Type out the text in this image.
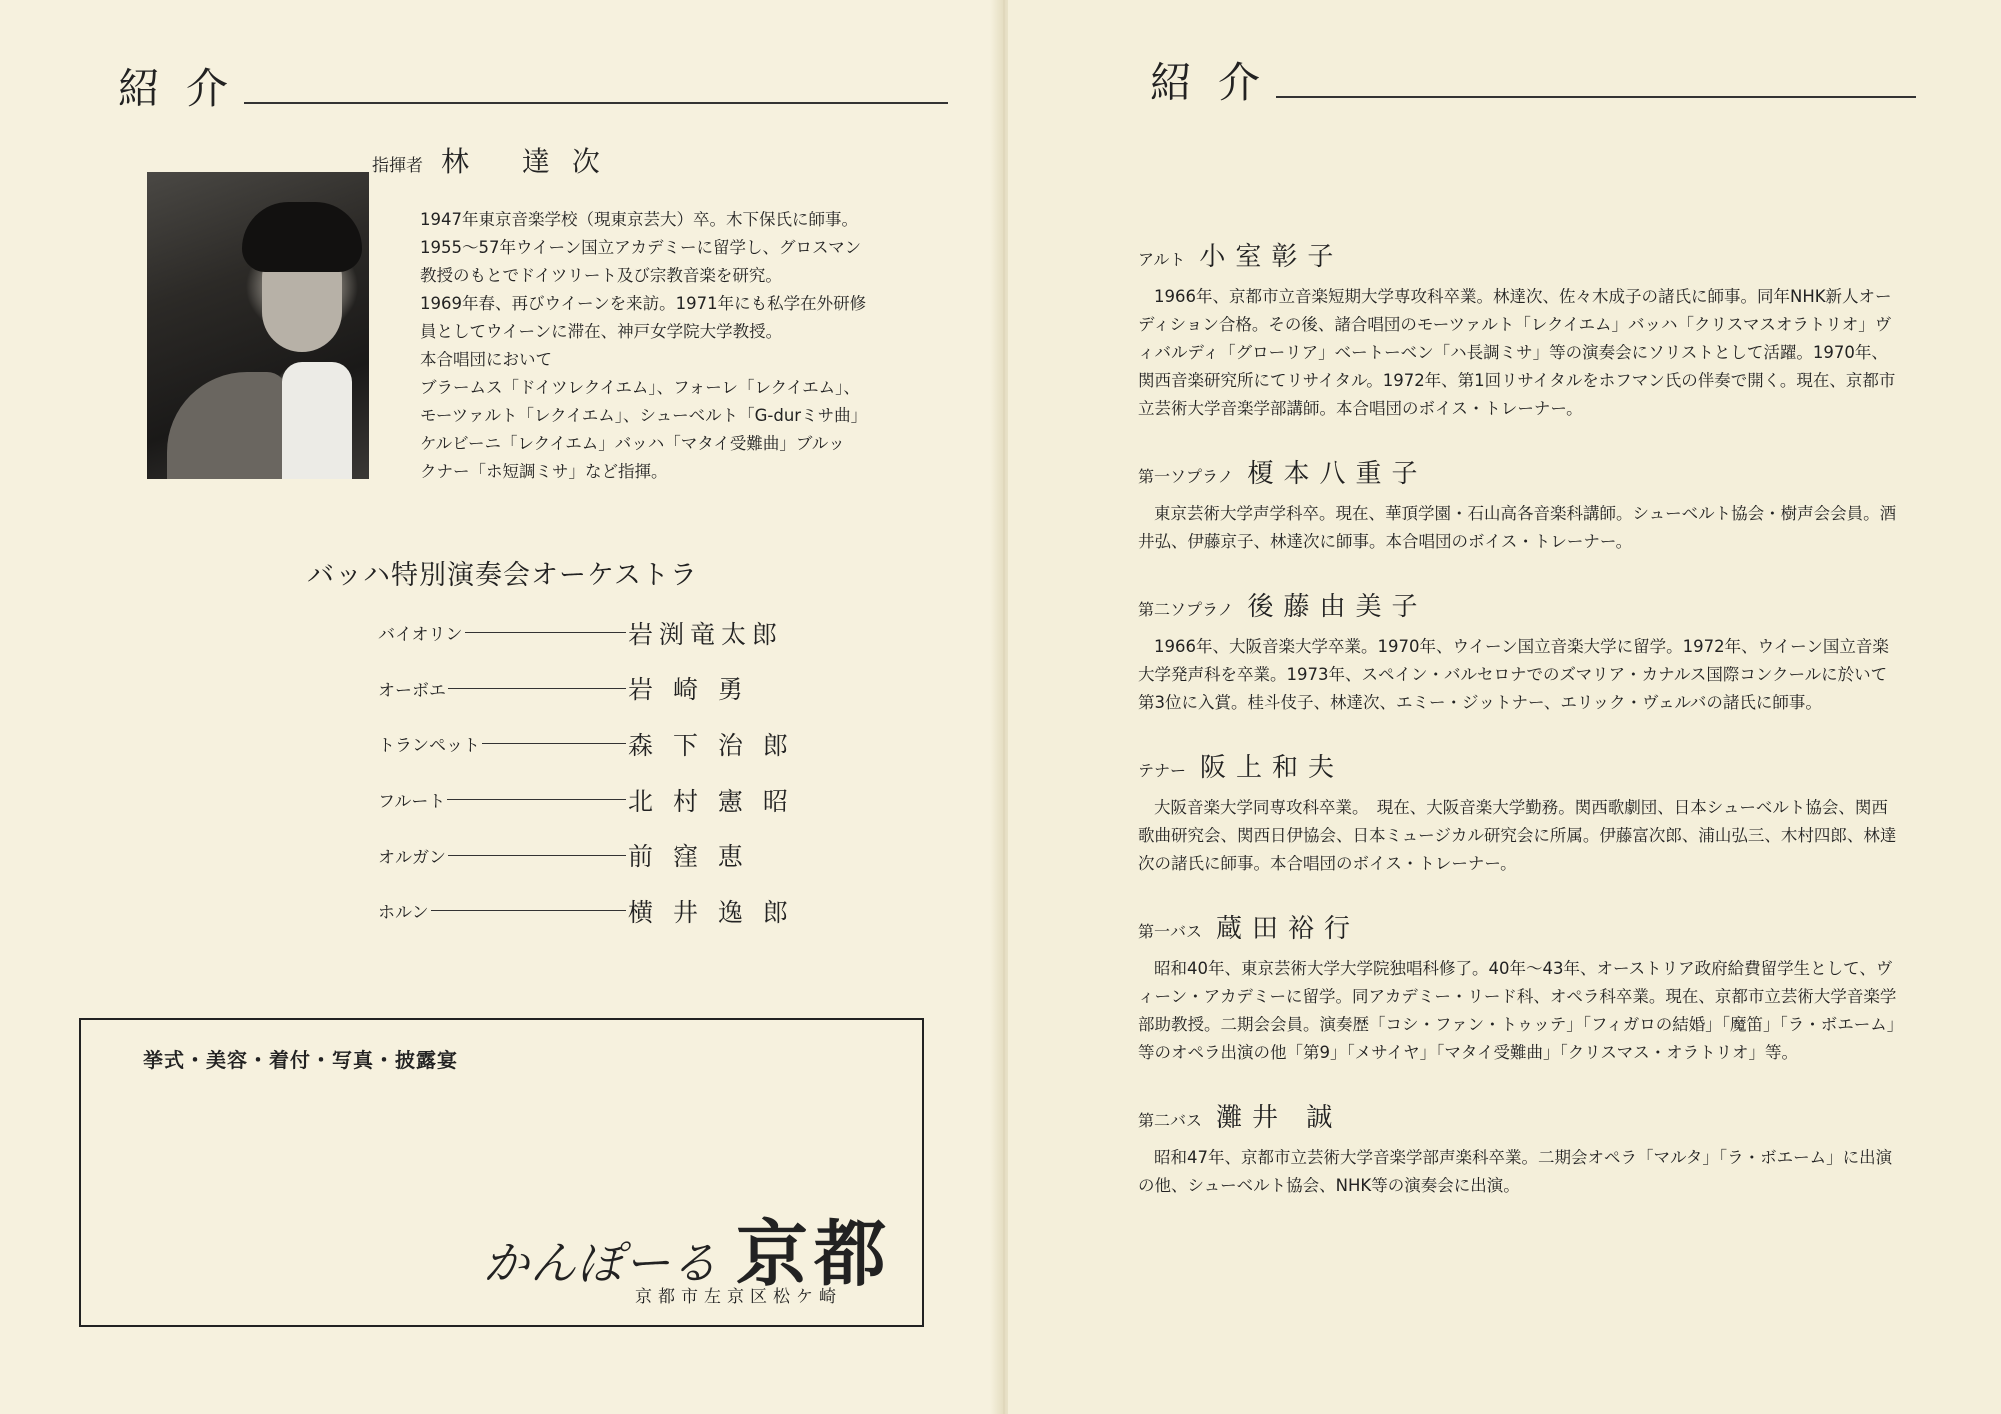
紹介
指揮者 林 達次
1947年東京音楽学校（現東京芸大）卒。木下保氏に師事。
1955～57年ウイーン国立アカデミーに留学し、グロスマン
教授のもとでドイツリート及び宗教音楽を研究。
1969年春、再びウイーンを来訪。1971年にも私学在外研修
員としてウイーンに滞在、神戸女学院大学教授。
本合唱団において
ブラームス「ドイツレクイエム」、フォーレ「レクイエム」、
モーツァルト「レクイエム」、シューベルト「G-durミサ曲」
ケルビーニ「レクイエム」バッハ「マタイ受難曲」ブルッ
クナー「ホ短調ミサ」など指揮。
バッハ特別演奏会オーケストラ
バイオリン	岩渕竜太郎
オーボエ	岩 崎 勇
トランペット	森 下 治 郎
フルート	北 村 憲 昭
オルガン	前 窪 恵
ホルン	横 井 逸 郎
挙式・美容・着付・写真・披露宴
かんぽーる 京都
京都市左京区松ケ崎
紹介
アルト 小室彰子
1966年、京都市立音楽短期大学専攻科卒業。林達次、佐々木成子の諸氏に師事。同年NHK新人オーディション合格。その後、諸合唱団のモーツァルト「レクイエム」バッハ「クリスマスオラトリオ」ヴィバルディ「グローリア」ベートーベン「ハ長調ミサ」等の演奏会にソリストとして活躍。1970年、関西音楽研究所にてリサイタル。1972年、第1回リサイタルをホフマン氏の伴奏で開く。現在、京都市立芸術大学音楽学部講師。本合唱団のボイス・トレーナー。
第一ソプラノ 榎本八重子
東京芸術大学声学科卒。現在、華頂学園・石山高各音楽科講師。シューベルト協会・樹声会会員。酒井弘、伊藤京子、林達次に師事。本合唱団のボイス・トレーナー。
第二ソプラノ 後藤由美子
1966年、大阪音楽大学卒業。1970年、ウイーン国立音楽大学に留学。1972年、ウイーン国立音楽大学発声科を卒業。1973年、スペイン・バルセロナでのズマリア・カナルス国際コンクールに於いて第3位に入賞。桂斗伎子、林達次、エミー・ジットナー、エリック・ヴェルバの諸氏に師事。
テナー 阪上和夫
大阪音楽大学同専攻科卒業。　現在、大阪音楽大学勤務。関西歌劇団、日本シューベルト協会、関西歌曲研究会、関西日伊協会、日本ミュージカル研究会に所属。伊藤富次郎、浦山弘三、木村四郎、林達次の諸氏に師事。本合唱団のボイス・トレーナー。
第一バス 蔵田裕行
昭和40年、東京芸術大学大学院独唱科修了。40年～43年、オーストリア政府給費留学生として、ヴィーン・アカデミーに留学。同アカデミー・リード科、オペラ科卒業。現在、京都市立芸術大学音楽学部助教授。二期会会員。演奏歴「コシ・ファン・トゥッテ」「フィガロの結婚」「魔笛」「ラ・ボエーム」等のオペラ出演の他「第9」「メサイヤ」「マタイ受難曲」「クリスマス・オラトリオ」等。
第二バス 灘井 誠
昭和47年、京都市立芸術大学音楽学部声楽科卒業。二期会オペラ「マルタ」「ラ・ボエーム」に出演の他、シューベルト協会、NHK等の演奏会に出演。
